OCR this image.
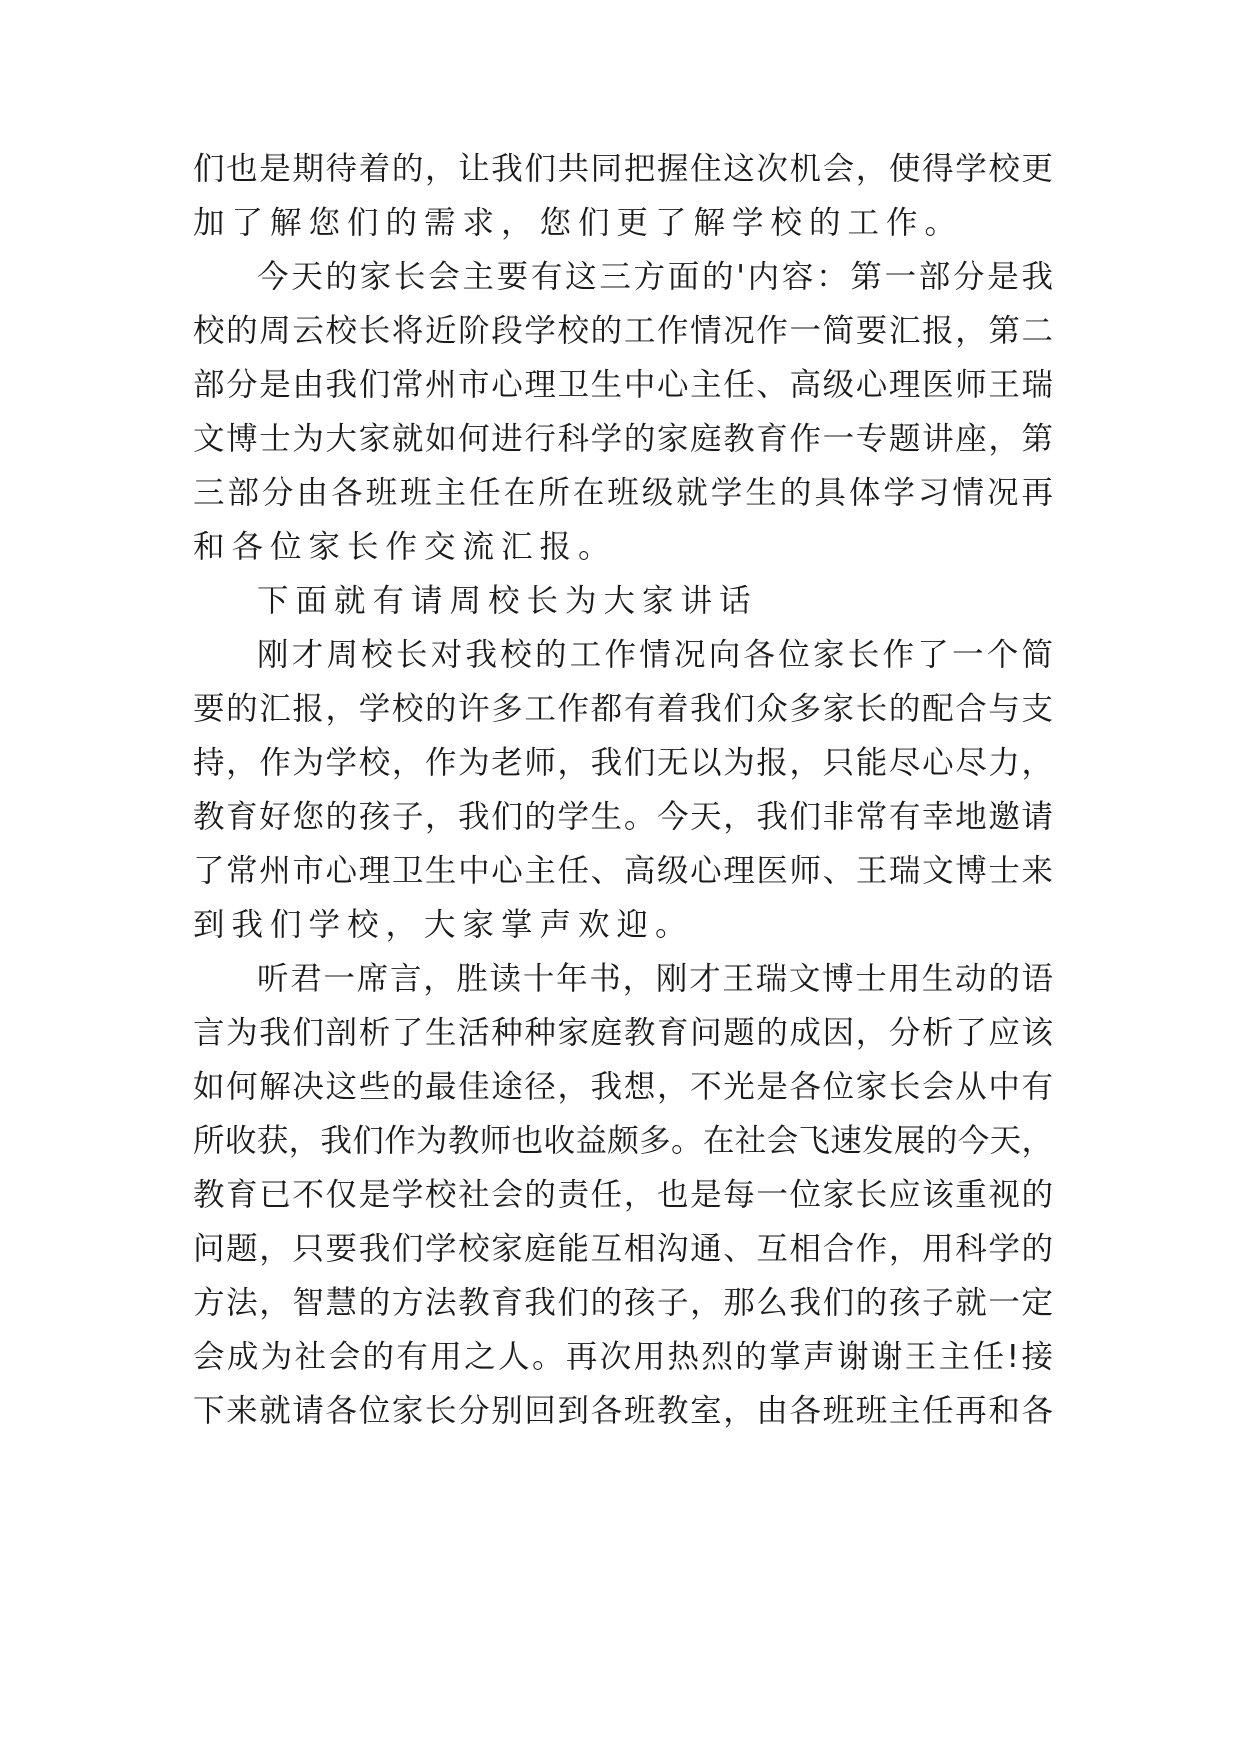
们也是期待着的，让我们共同把握住这次机会，使得学校更
加了解您们的需求，您们更了解学校的工作。
今天的家长会主要有这三方面的'内容：第一部分是我
校的周云校长将近阶段学校的工作情况作一简要汇报，第二
部分是由我们常州市心理卫生中心主任、高级心理医师王瑞
文博士为大家就如何进行科学的家庭教育作一专题讲座，第
三部分由各班班主任在所在班级就学生的具体学习情况再
和各位家长作交流汇报。
下面就有请周校长为大家讲话
刚才周校长对我校的工作情况向各位家长作了一个简
要的汇报，学校的许多工作都有着我们众多家长的配合与支
持，作为学校，作为老师，我们无以为报，只能尽心尽力，
教育好您的孩子，我们的学生。今天，我们非常有幸地邀请
了常州市心理卫生中心主任、高级心理医师、王瑞文博士来
到我们学校，大家掌声欢迎。
听君一席言，胜读十年书，刚才王瑞文博士用生动的语
言为我们剖析了生活种种家庭教育问题的成因，分析了应该
如何解决这些的最佳途径，我想，不光是各位家长会从中有
所收获，我们作为教师也收益颇多。在社会飞速发展的今天，
教育已不仅是学校社会的责任，也是每一位家长应该重视的
问题，只要我们学校家庭能互相沟通、互相合作，用科学的
方法，智慧的方法教育我们的孩子，那么我们的孩子就一定
会成为社会的有用之人。再次用热烈的掌声谢谢王主任!接
下来就请各位家长分别回到各班教室，由各班班主任再和各
